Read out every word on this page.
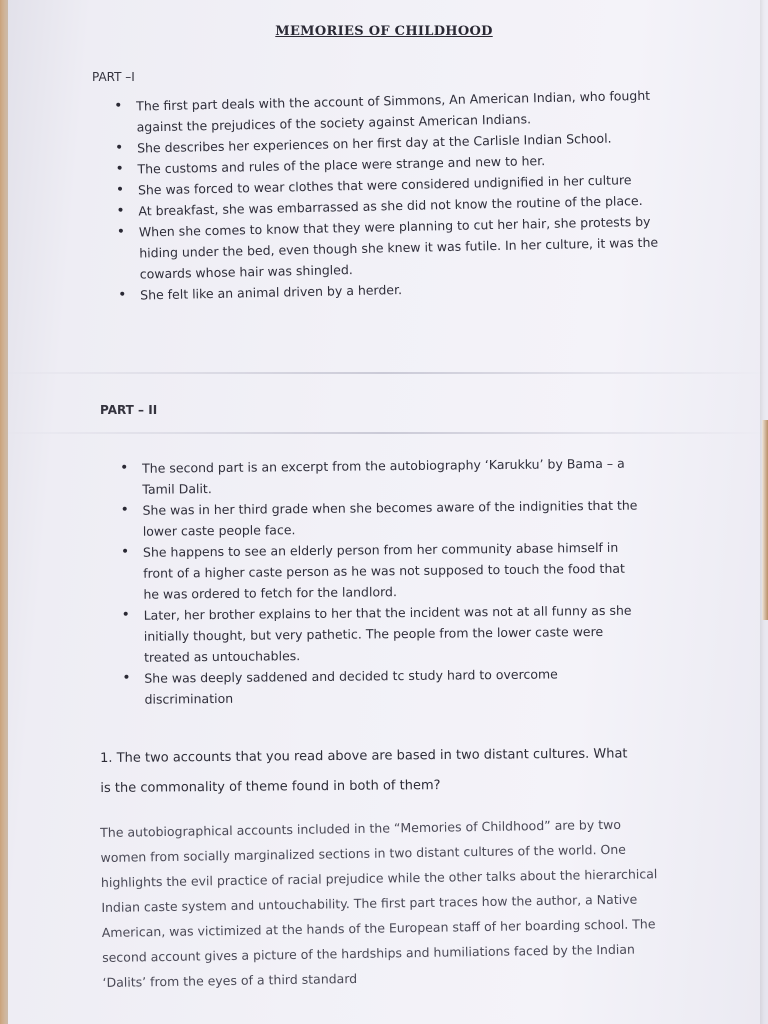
MEMORIES OF CHILDHOOD
PART –I
• The first part deals with the account of Simmons, An American Indian, who fought against the prejudices of the society against American Indians.
• She describes her experiences on her first day at the Carlisle Indian School.
• The customs and rules of the place were strange and new to her.
• She was forced to wear clothes that were considered undignified in her culture
• At breakfast, she was embarrassed as she did not know the routine of the place.
• When she comes to know that they were planning to cut her hair, she protests by hiding under the bed, even though she knew it was futile. In her culture, it was the cowards whose hair was shingled.
• She felt like an animal driven by a herder.
PART – II
• The second part is an excerpt from the autobiography ‘Karukku’ by Bama – a Tamil Dalit.
• She was in her third grade when she becomes aware of the indignities that the lower caste people face.
• She happens to see an elderly person from her community abase himself in front of a higher caste person as he was not supposed to touch the food that he was ordered to fetch for the landlord.
• Later, her brother explains to her that the incident was not at all funny as she initially thought, but very pathetic. The people from the lower caste were treated as untouchables.
• She was deeply saddened and decided tc study hard to overcome discrimination
1. The two accounts that you read above are based in two distant cultures. What is the commonality of theme found in both of them?
The autobiographical accounts included in the “Memories of Childhood” are by two women from socially marginalized sections in two distant cultures of the world. One highlights the evil practice of racial prejudice while the other talks about the hierarchical Indian caste system and untouchability. The first part traces how the author, a Native American, was victimized at the hands of the European staff of her boarding school. The second account gives a picture of the hardships and humiliations faced by the Indian ‘Dalits’ from the eyes of a third standard
